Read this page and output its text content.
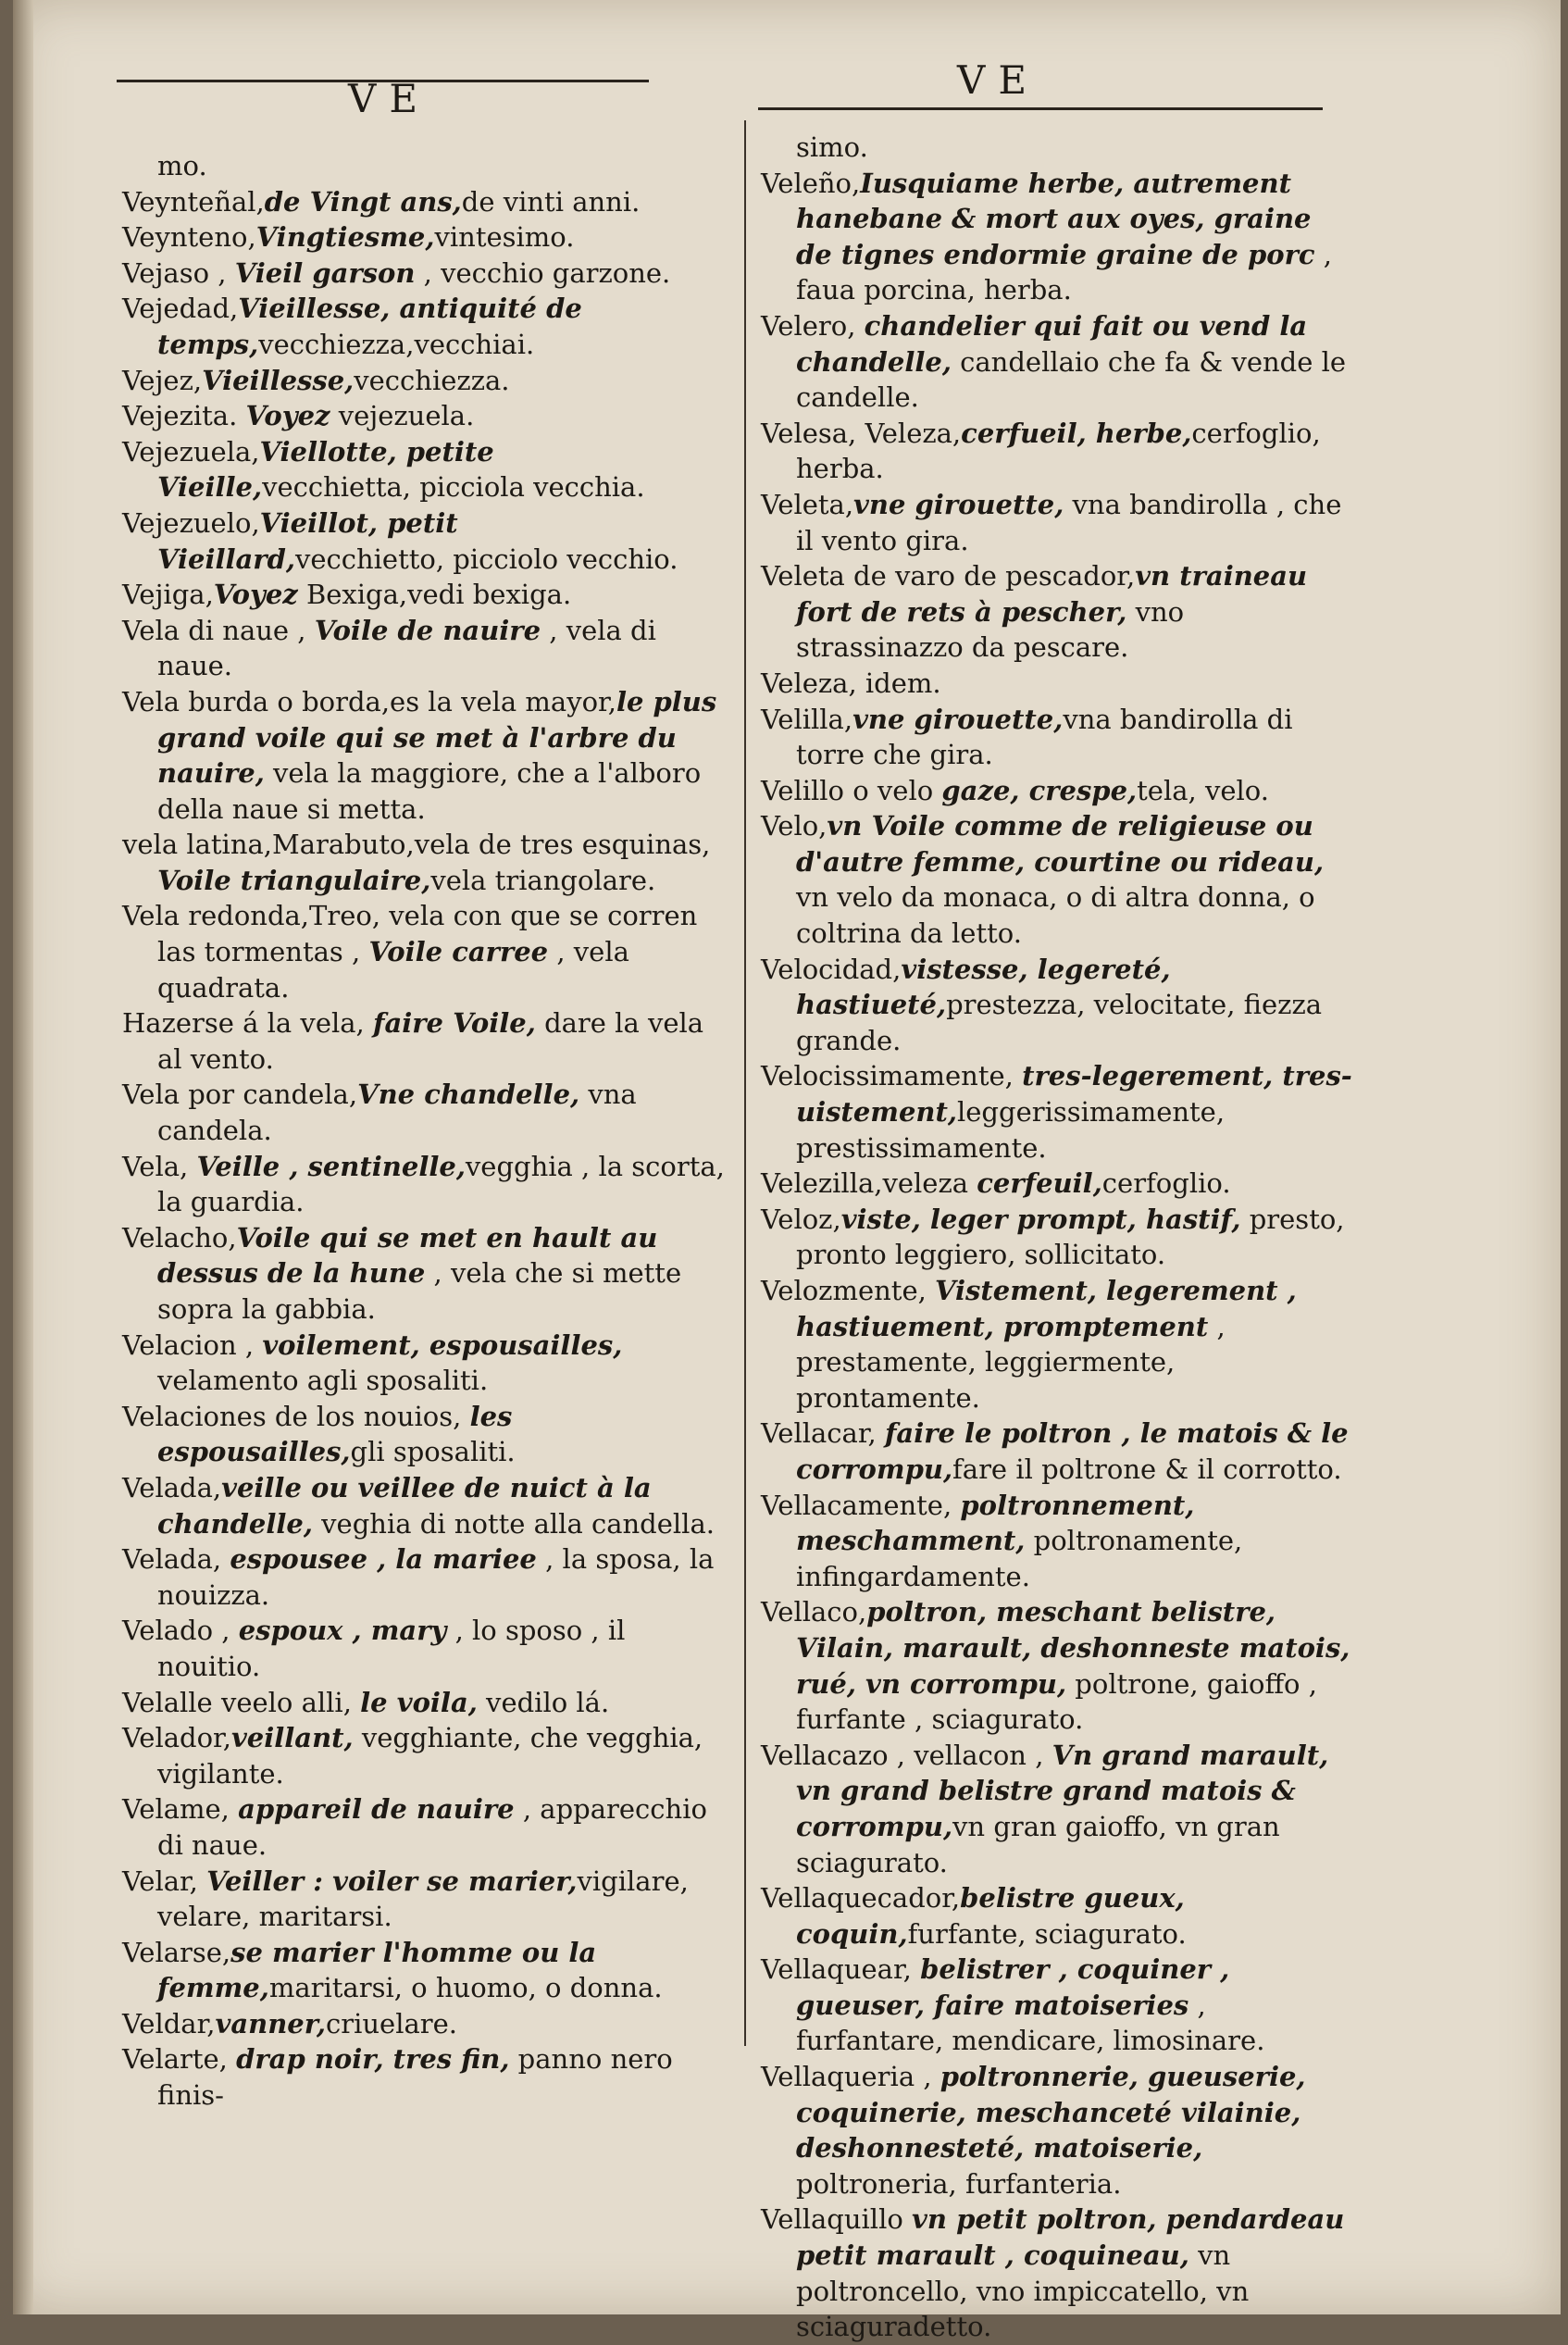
VE	VE

mo.

Veynteñal,de Vingt ans,de vinti anni.

Veynteno,Vingtiesme,vintesimo.

Vejaso , Vieil garson , vecchio garzone.

Vejedad,Vieillesse, antiquité de temps,vecchiezza,vecchiai.

Vejez,Vieillesse,vecchiezza.

Vejezita. Voyez vejezuela.

Vejezuela,Viellotte, petite Vieille,vecchietta, picciola vecchia.

Vejezuelo,Vieillot, petit Vieillard,vecchietto, picciolo vecchio.

Vejiga,Voyez Bexiga,vedi bexiga.

Vela di naue , Voile de nauire , vela di naue.

Vela burda o borda,es la vela mayor,le plus grand voile qui se met à l'arbre du nauire, vela la maggiore, che a l'alboro della naue si metta.

vela latina,Marabuto,vela de tres esquinas, Voile triangulaire,vela triangolare.

Vela redonda,Treo, vela con que se corren las tormentas , Voile carree , vela quadrata.

Hazerse á la vela, faire Voile, dare la vela al vento.

Vela por candela,Vne chandelle, vna candela.

Vela, Veille , sentinelle,vegghia , la scorta, la guardia.

Velacho,Voile qui se met en hault au dessus de la hune , vela che si mette sopra la gabbia.

Velacion , voilement, espousailles, velamento agli sposaliti.

Velaciones de los nouios, les espousailles,gli sposaliti.

Velada,veille ou veillee de nuict à la chandelle, veghia di notte alla candella.

Velada, espousee , la mariee , la sposa, la nouizza.

Velado , espoux , mary , lo sposo , il nouitio.

Velalle veelo alli, le voila, vedilo lá.

Velador,veillant, vegghiante, che vegghia, vigilante.

Velame, appareil de nauire , apparecchio di naue.

Velar, Veiller : voiler se marier,vigilare, velare, maritarsi.

Velarse,se marier l'homme ou la femme,maritarsi, o huomo, o donna.

Veldar,vanner,criuelare.

Velarte, drap noir, tres fin, panno nero finis-

simo.

Veleño,Iusquiame herbe, autrement hanebane & mort aux oyes, graine de tignes endormie graine de porc , faua porcina, herba.

Velero, chandelier qui fait ou vend la chandelle, candellaio che fa & vende le candelle.

Velesa, Veleza,cerfueil, herbe,cerfoglio, herba.

Veleta,vne girouette, vna bandirolla , che il vento gira.

Veleta de varo de pescador,vn traineau fort de rets à pescher, vno strassinazzo da pescare.

Veleza, idem.

Velilla,vne girouette,vna bandirolla di torre che gira.

Velillo o velo gaze, crespe,tela, velo.

Velo,vn Voile comme de religieuse ou d'autre femme, courtine ou rideau, vn velo da monaca, o di altra donna, o coltrina da letto.

Velocidad,vistesse, legereté, hastiueté,prestezza, velocitate, fiezza grande.

Velocissimamente, tres-legerement, tres-uistement,leggerissimamente, prestissimamente.

Velezilla,veleza cerfeuil,cerfoglio.

Veloz,viste, leger prompt, hastif, presto, pronto leggiero, sollicitato.

Velozmente, Vistement, legerement , hastiuement, promptement , prestamente, leggiermente, prontamente.

Vellacar, faire le poltron , le matois & le corrompu,fare il poltrone & il corrotto.

Vellacamente, poltronnement, meschamment, poltronamente, infingardamente.

Vellaco,poltron, meschant belistre, Vilain, marault, deshonneste matois, rué, vn corrompu, poltrone, gaioffo , furfante , sciagurato.

Vellacazo , vellacon , Vn grand marault, vn grand belistre grand matois & corrompu,vn gran gaioffo, vn gran sciagurato.

Vellaquecador,belistre gueux, coquin,furfante, sciagurato.

Vellaquear, belistrer , coquiner , gueuser, faire matoiseries , furfantare, mendicare, limosinare.

Vellaqueria , poltronnerie, gueuserie, coquinerie, meschanceté vilainie, deshonnesteté, matoiserie, poltroneria, furfanteria.

Vellaquillo vn petit poltron, pendardeau petit marault , coquineau, vn poltroncello, vno impiccatello, vn sciaguradetto.
